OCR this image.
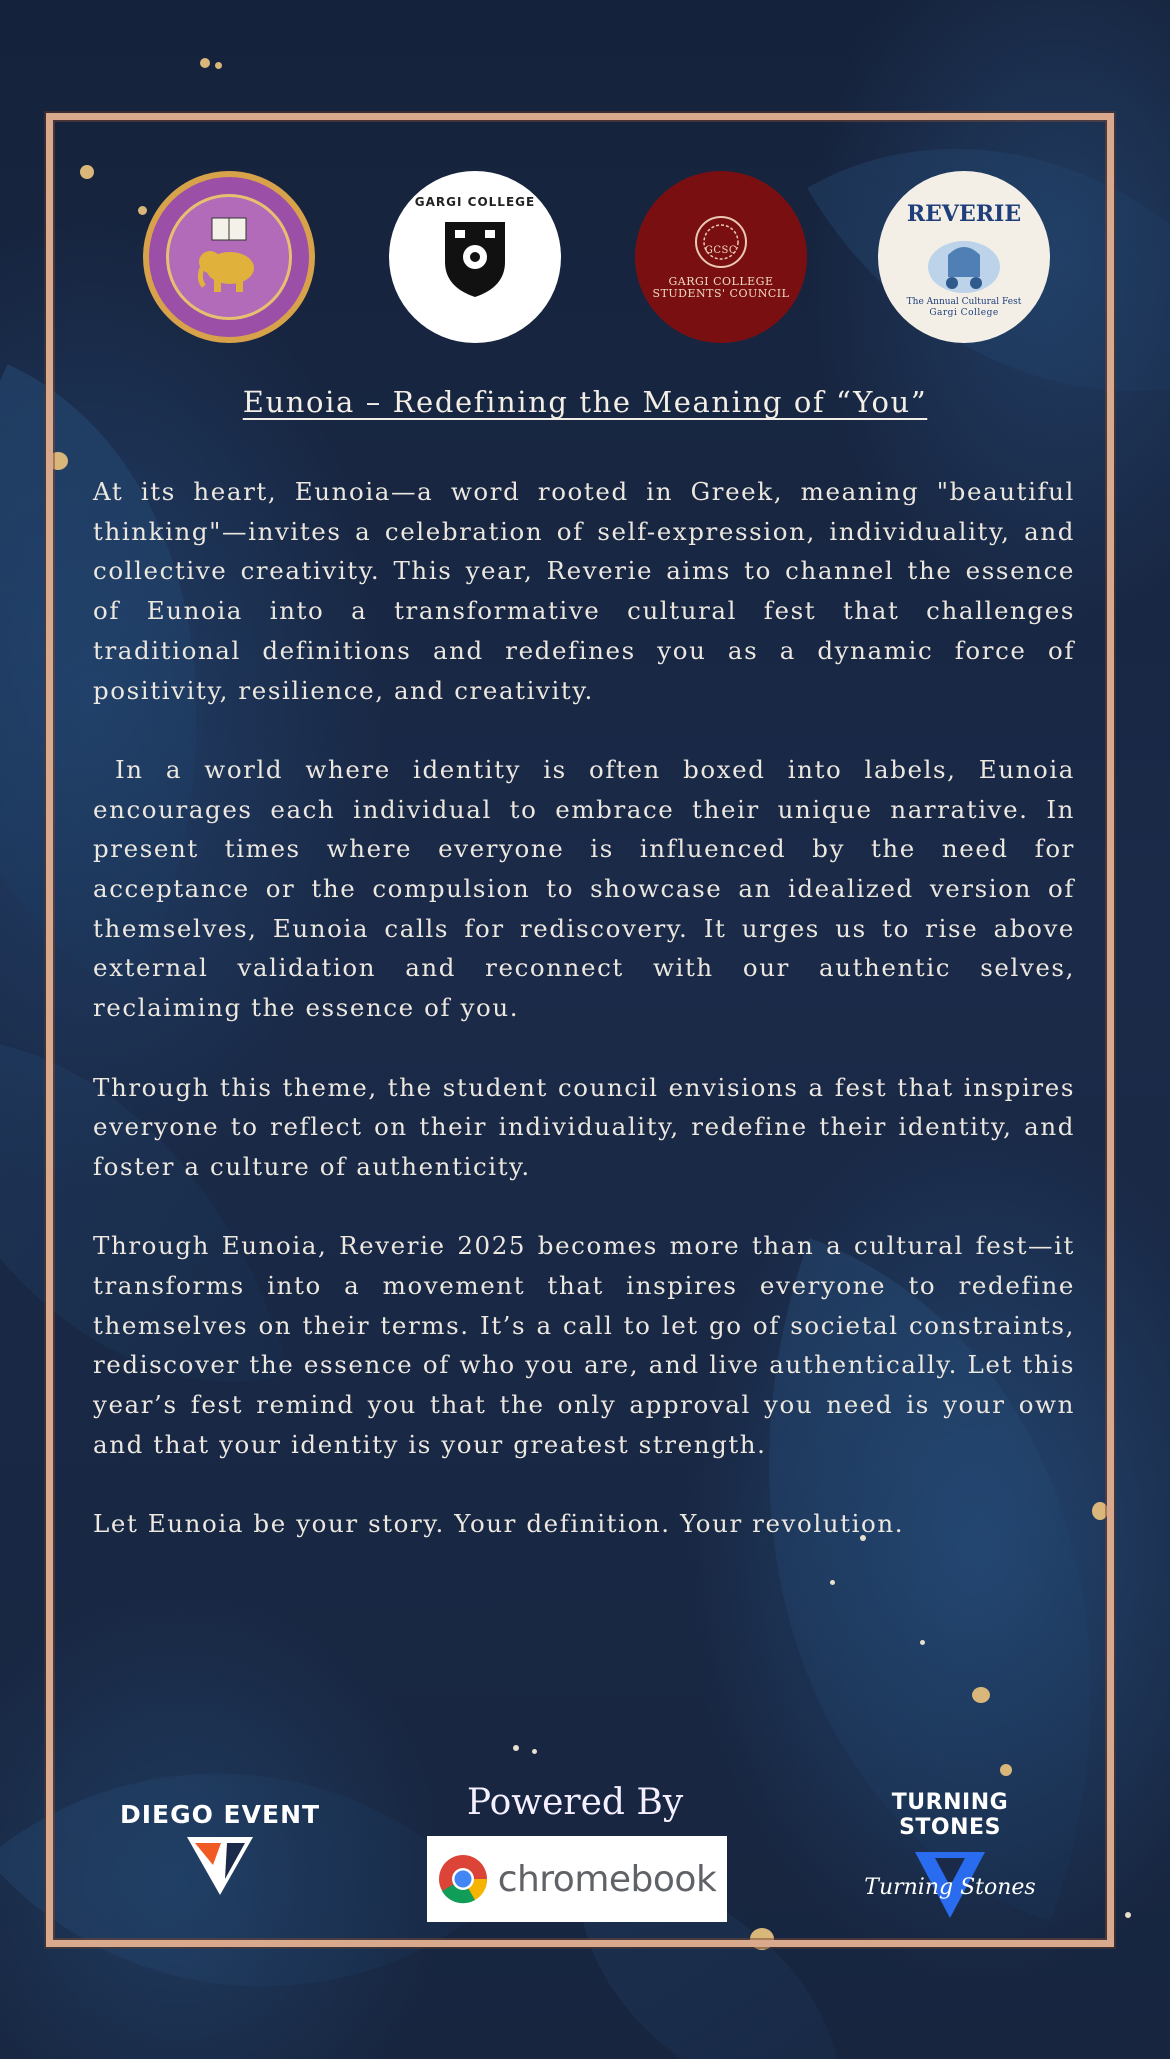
GARGI COLLEGE
GCSC
GARGI COLLEGE
STUDENTS' COUNCIL
REVERIE
The Annual Cultural Fest
Gargi College
Eunoia – Redefining the Meaning of “You”

At its heart, Eunoia—a word rooted in Greek, meaning "beautiful thinking"—invites a celebration of self-expression, individuality, and collective creativity. This year, Reverie aims to channel the essence of Eunoia into a transformative cultural fest that challenges traditional definitions and redefines you as a dynamic force of positivity, resilience, and creativity.

In a world where identity is often boxed into labels, Eunoia encourages each individual to embrace their unique narrative. In present times where everyone is influenced by the need for acceptance or the compulsion to showcase an idealized version of themselves, Eunoia calls for rediscovery. It urges us to rise above external validation and reconnect with our authentic selves, reclaiming the essence of you.

Through this theme, the student council envisions a fest that inspires everyone to reflect on their individuality, redefine their identity, and foster a culture of authenticity.

Through Eunoia, Reverie 2025 becomes more than a cultural fest—it transforms into a movement that inspires everyone to redefine themselves on their terms. It’s a call to let go of societal constraints, rediscover the essence of who you are, and live authentically. Let this year’s fest remind you that the only approval you need is your own and that your identity is your greatest strength.

Let Eunoia be your story. Your definition. Your revolution.

DIEGO EVENT	Powered By
chromebook
TURNING STONES
Turning Stones
